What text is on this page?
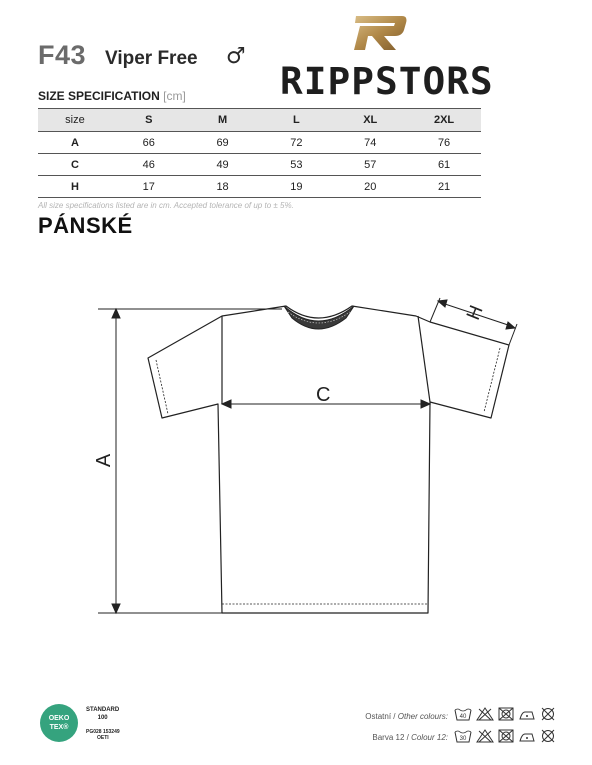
F43 Viper Free ♂
RIPPSTORS
SIZE SPECIFICATION [cm]
size	S	M	L	XL	2XL
A	66	69	72	74	76
C	46	49	53	57	61
H	17	18	19	20	21
All size specifications listed are in cm. Accepted tolerance of up to ± 5%.
PÁNSKÉ
A
C
H
OEKO
TEX®
STANDARD
100
PG028 153249
OETI
Ostatní / Other colours:
Barva 12 / Colour 12:
40
30
